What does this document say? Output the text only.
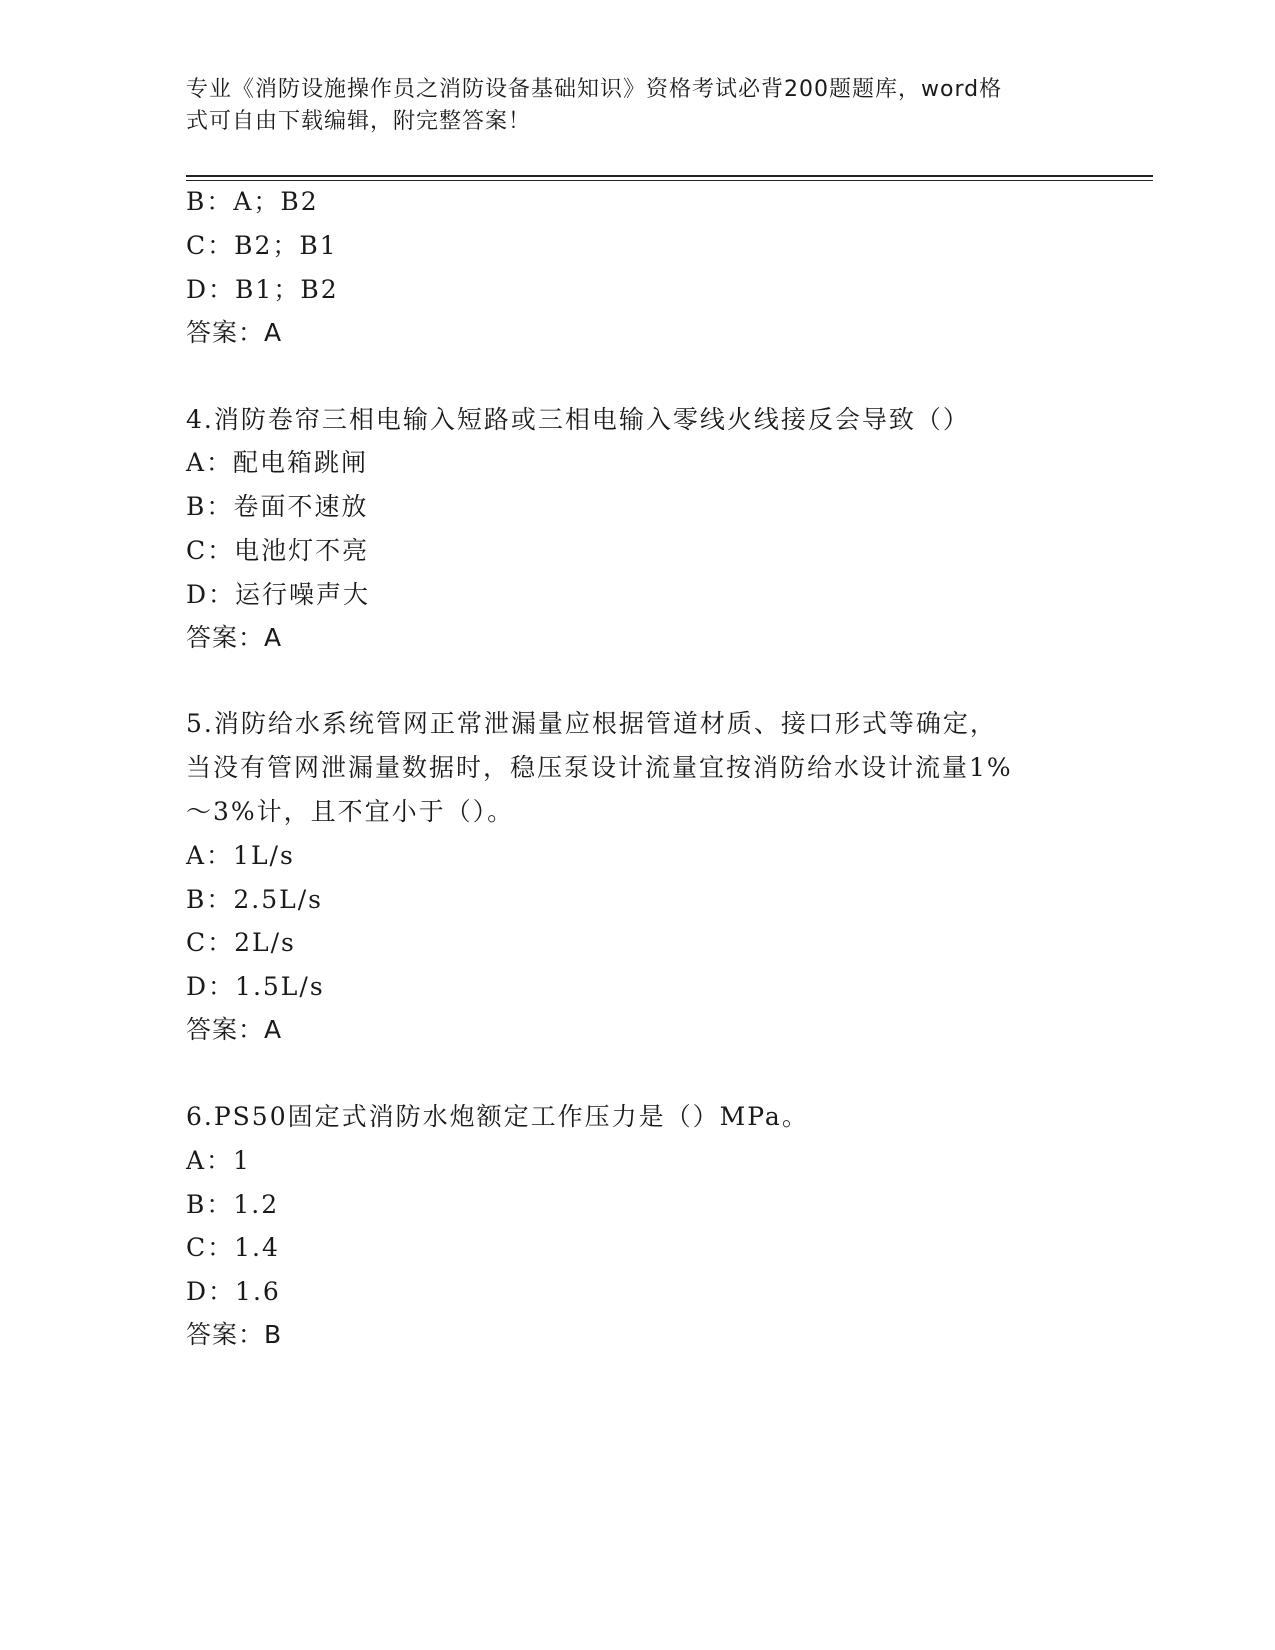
专业《消防设施操作员之消防设备基础知识》资格考试必背200题题库，word格
式可自由下载编辑，附完整答案！
B：A；B2
C：B2；B1
D：B1；B2
答案：A
4.消防卷帘三相电输入短路或三相电输入零线火线接反会导致（）
A：配电箱跳闸
B：卷面不速放
C：电池灯不亮
D：运行噪声大
答案：A
5.消防给水系统管网正常泄漏量应根据管道材质、接口形式等确定，
当没有管网泄漏量数据时，稳压泵设计流量宜按消防给水设计流量1%
～3%计，且不宜小于（）。
A：1L/s
B：2.5L/s
C：2L/s
D：1.5L/s
答案：A
6.PS50固定式消防水炮额定工作压力是（）MPa。
A：1
B：1.2
C：1.4
D：1.6
答案：B
